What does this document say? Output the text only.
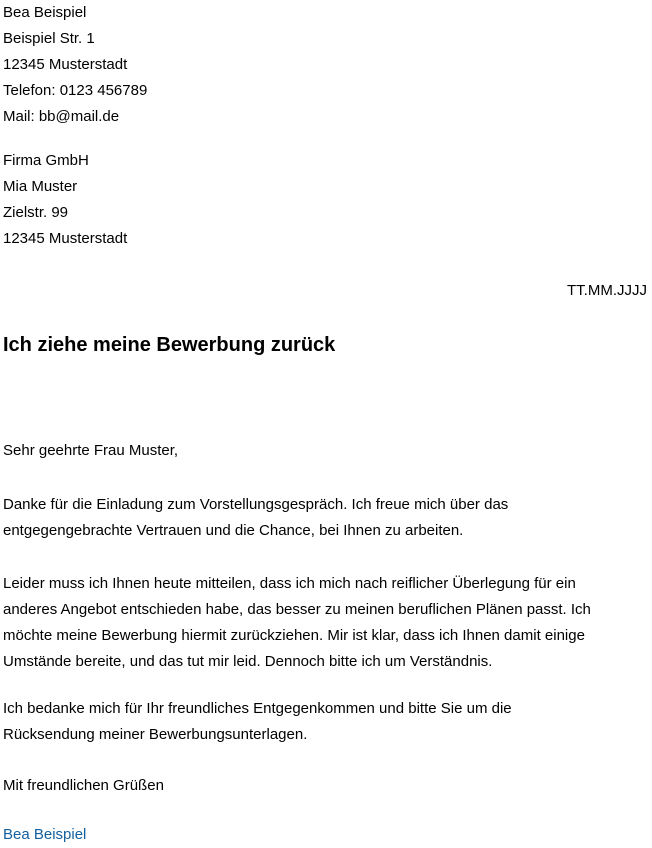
Bea Beispiel
Beispiel Str. 1
12345 Musterstadt
Telefon: 0123 456789
Mail: bb@mail.de
Firma GmbH
Mia Muster
Zielstr. 99
12345 Musterstadt
TT.MM.JJJJ
Ich ziehe meine Bewerbung zurück
Sehr geehrte Frau Muster,
Danke für die Einladung zum Vorstellungsgespräch. Ich freue mich über das
entgegengebrachte Vertrauen und die Chance, bei Ihnen zu arbeiten.
Leider muss ich Ihnen heute mitteilen, dass ich mich nach reiflicher Überlegung für ein
anderes Angebot entschieden habe, das besser zu meinen beruflichen Plänen passt. Ich
möchte meine Bewerbung hiermit zurückziehen. Mir ist klar, dass ich Ihnen damit einige
Umstände bereite, und das tut mir leid. Dennoch bitte ich um Verständnis.
Ich bedanke mich für Ihr freundliches Entgegenkommen und bitte Sie um die
Rücksendung meiner Bewerbungsunterlagen.
Mit freundlichen Grüßen
Bea Beispiel
